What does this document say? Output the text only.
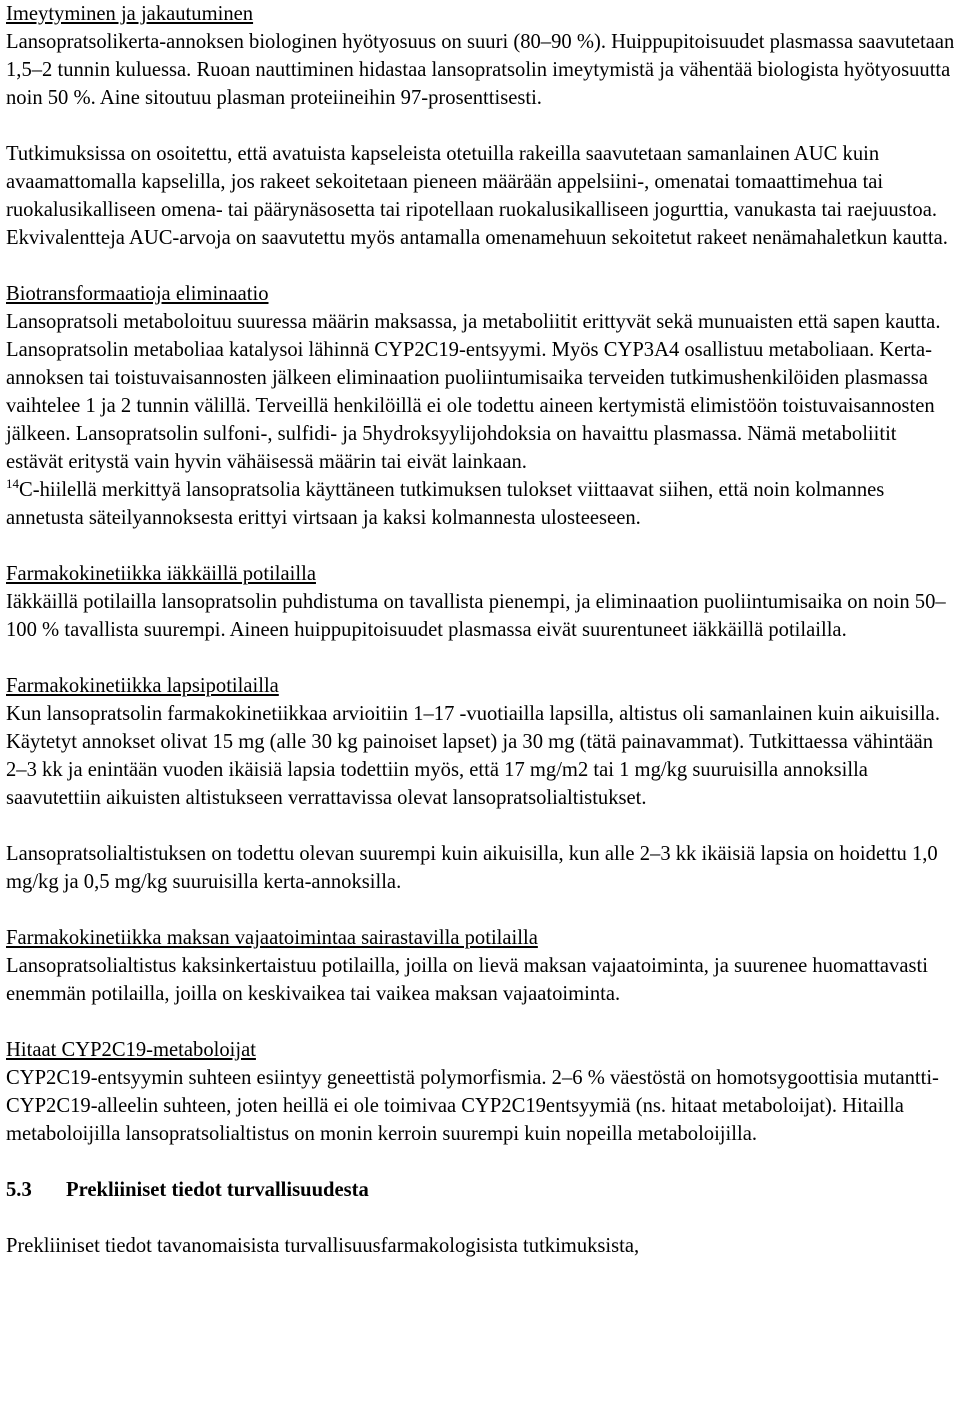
Imeytyminen ja jakautuminen

Lansopratsolikerta-annoksen biologinen hyötyosuus on suuri (80–90 %). Huippupitoisuudet plasmassa saavutetaan 1,5–2 tunnin kuluessa. Ruoan nauttiminen hidastaa lansopratsolin imeytymistä ja vähentää biologista hyötyosuutta noin 50 %. Aine sitoutuu plasman proteiineihin 97-prosenttisesti.

Tutkimuksissa on osoitettu, että avatuista kapseleista otetuilla rakeilla saavutetaan samanlainen AUC kuin avaamattomalla kapselilla, jos rakeet sekoitetaan pieneen määrään appelsiini-, omenatai tomaattimehua tai ruokalusikalliseen omena- tai päärynäsosetta tai ripotellaan ruokalusikalliseen jogurttia, vanukasta tai raejuustoa. Ekvivalentteja AUC-arvoja on saavutettu myös antamalla omenamehuun sekoitetut rakeet nenämahaletkun kautta.

Biotransformaatioja eliminaatio

Lansopratsoli metaboloituu suuressa määrin maksassa, ja metaboliitit erittyvät sekä munuaisten että sapen kautta. Lansopratsolin metaboliaa katalysoi lähinnä CYP2C19-entsyymi. Myös CYP3A4 osallistuu metaboliaan. Kerta-annoksen tai toistuvaisannosten jälkeen eliminaation puoliintumisaika terveiden tutkimushenkilöiden plasmassa vaihtelee 1 ja 2 tunnin välillä. Terveillä henkilöillä ei ole todettu aineen kertymistä elimistöön toistuvaisannosten jälkeen. Lansopratsolin sulfoni-, sulfidi- ja 5hydroksyylijohdoksia on havaittu plasmassa. Nämä metaboliitit estävät eritystä vain hyvin vähäisessä määrin tai eivät lainkaan.

$^{14}$C-hiilellä merkittyä lansopratsolia käyttäneen tutkimuksen tulokset viittaavat siihen, että noin kolmannes annetusta säteilyannoksesta erittyi virtsaan ja kaksi kolmannesta ulosteeseen.

Farmakokinetiikka iäkkäillä potilailla

Iäkkäillä potilailla lansopratsolin puhdistuma on tavallista pienempi, ja eliminaation puoliintumisaika on noin 50–100 % tavallista suurempi. Aineen huippupitoisuudet plasmassa eivät suurentuneet iäkkäillä potilailla.

Farmakokinetiikka lapsipotilailla

Kun lansopratsolin farmakokinetiikkaa arvioitiin 1–17 -vuotiailla lapsilla, altistus oli samanlainen kuin aikuisilla. Käytetyt annokset olivat 15 mg (alle 30 kg painoiset lapset) ja 30 mg (tätä painavammat). Tutkittaessa vähintään 2–3 kk ja enintään vuoden ikäisiä lapsia todettiin myös, että 17 mg/m2 tai 1 mg/kg suuruisilla annoksilla saavutettiin aikuisten altistukseen verrattavissa olevat lansopratsolialtistukset.

Lansopratsolialtistuksen on todettu olevan suurempi kuin aikuisilla, kun alle 2–3 kk ikäisiä lapsia on hoidettu 1,0 mg/kg ja 0,5 mg/kg suuruisilla kerta-annoksilla.

Farmakokinetiikka maksan vajaatoimintaa sairastavilla potilailla

Lansopratsolialtistus kaksinkertaistuu potilailla, joilla on lievä maksan vajaatoiminta, ja suurenee huomattavasti enemmän potilailla, joilla on keskivaikea tai vaikea maksan vajaatoiminta.

Hitaat CYP2C19-metaboloijat

CYP2C19-entsyymin suhteen esiintyy geneettistä polymorfismia. 2–6 % väestöstä on homotsygoottisia mutantti-CYP2C19-alleelin suhteen, joten heillä ei ole toimivaa CYP2C19entsyymiä (ns. hitaat metaboloijat). Hitailla metaboloijilla lansopratsolialtistus on monin kerroin suurempi kuin nopeilla metaboloijilla.

5.3 Prekliiniset tiedot turvallisuudesta

Prekliiniset tiedot tavanomaisista turvallisuusfarmakologisista tutkimuksista,
